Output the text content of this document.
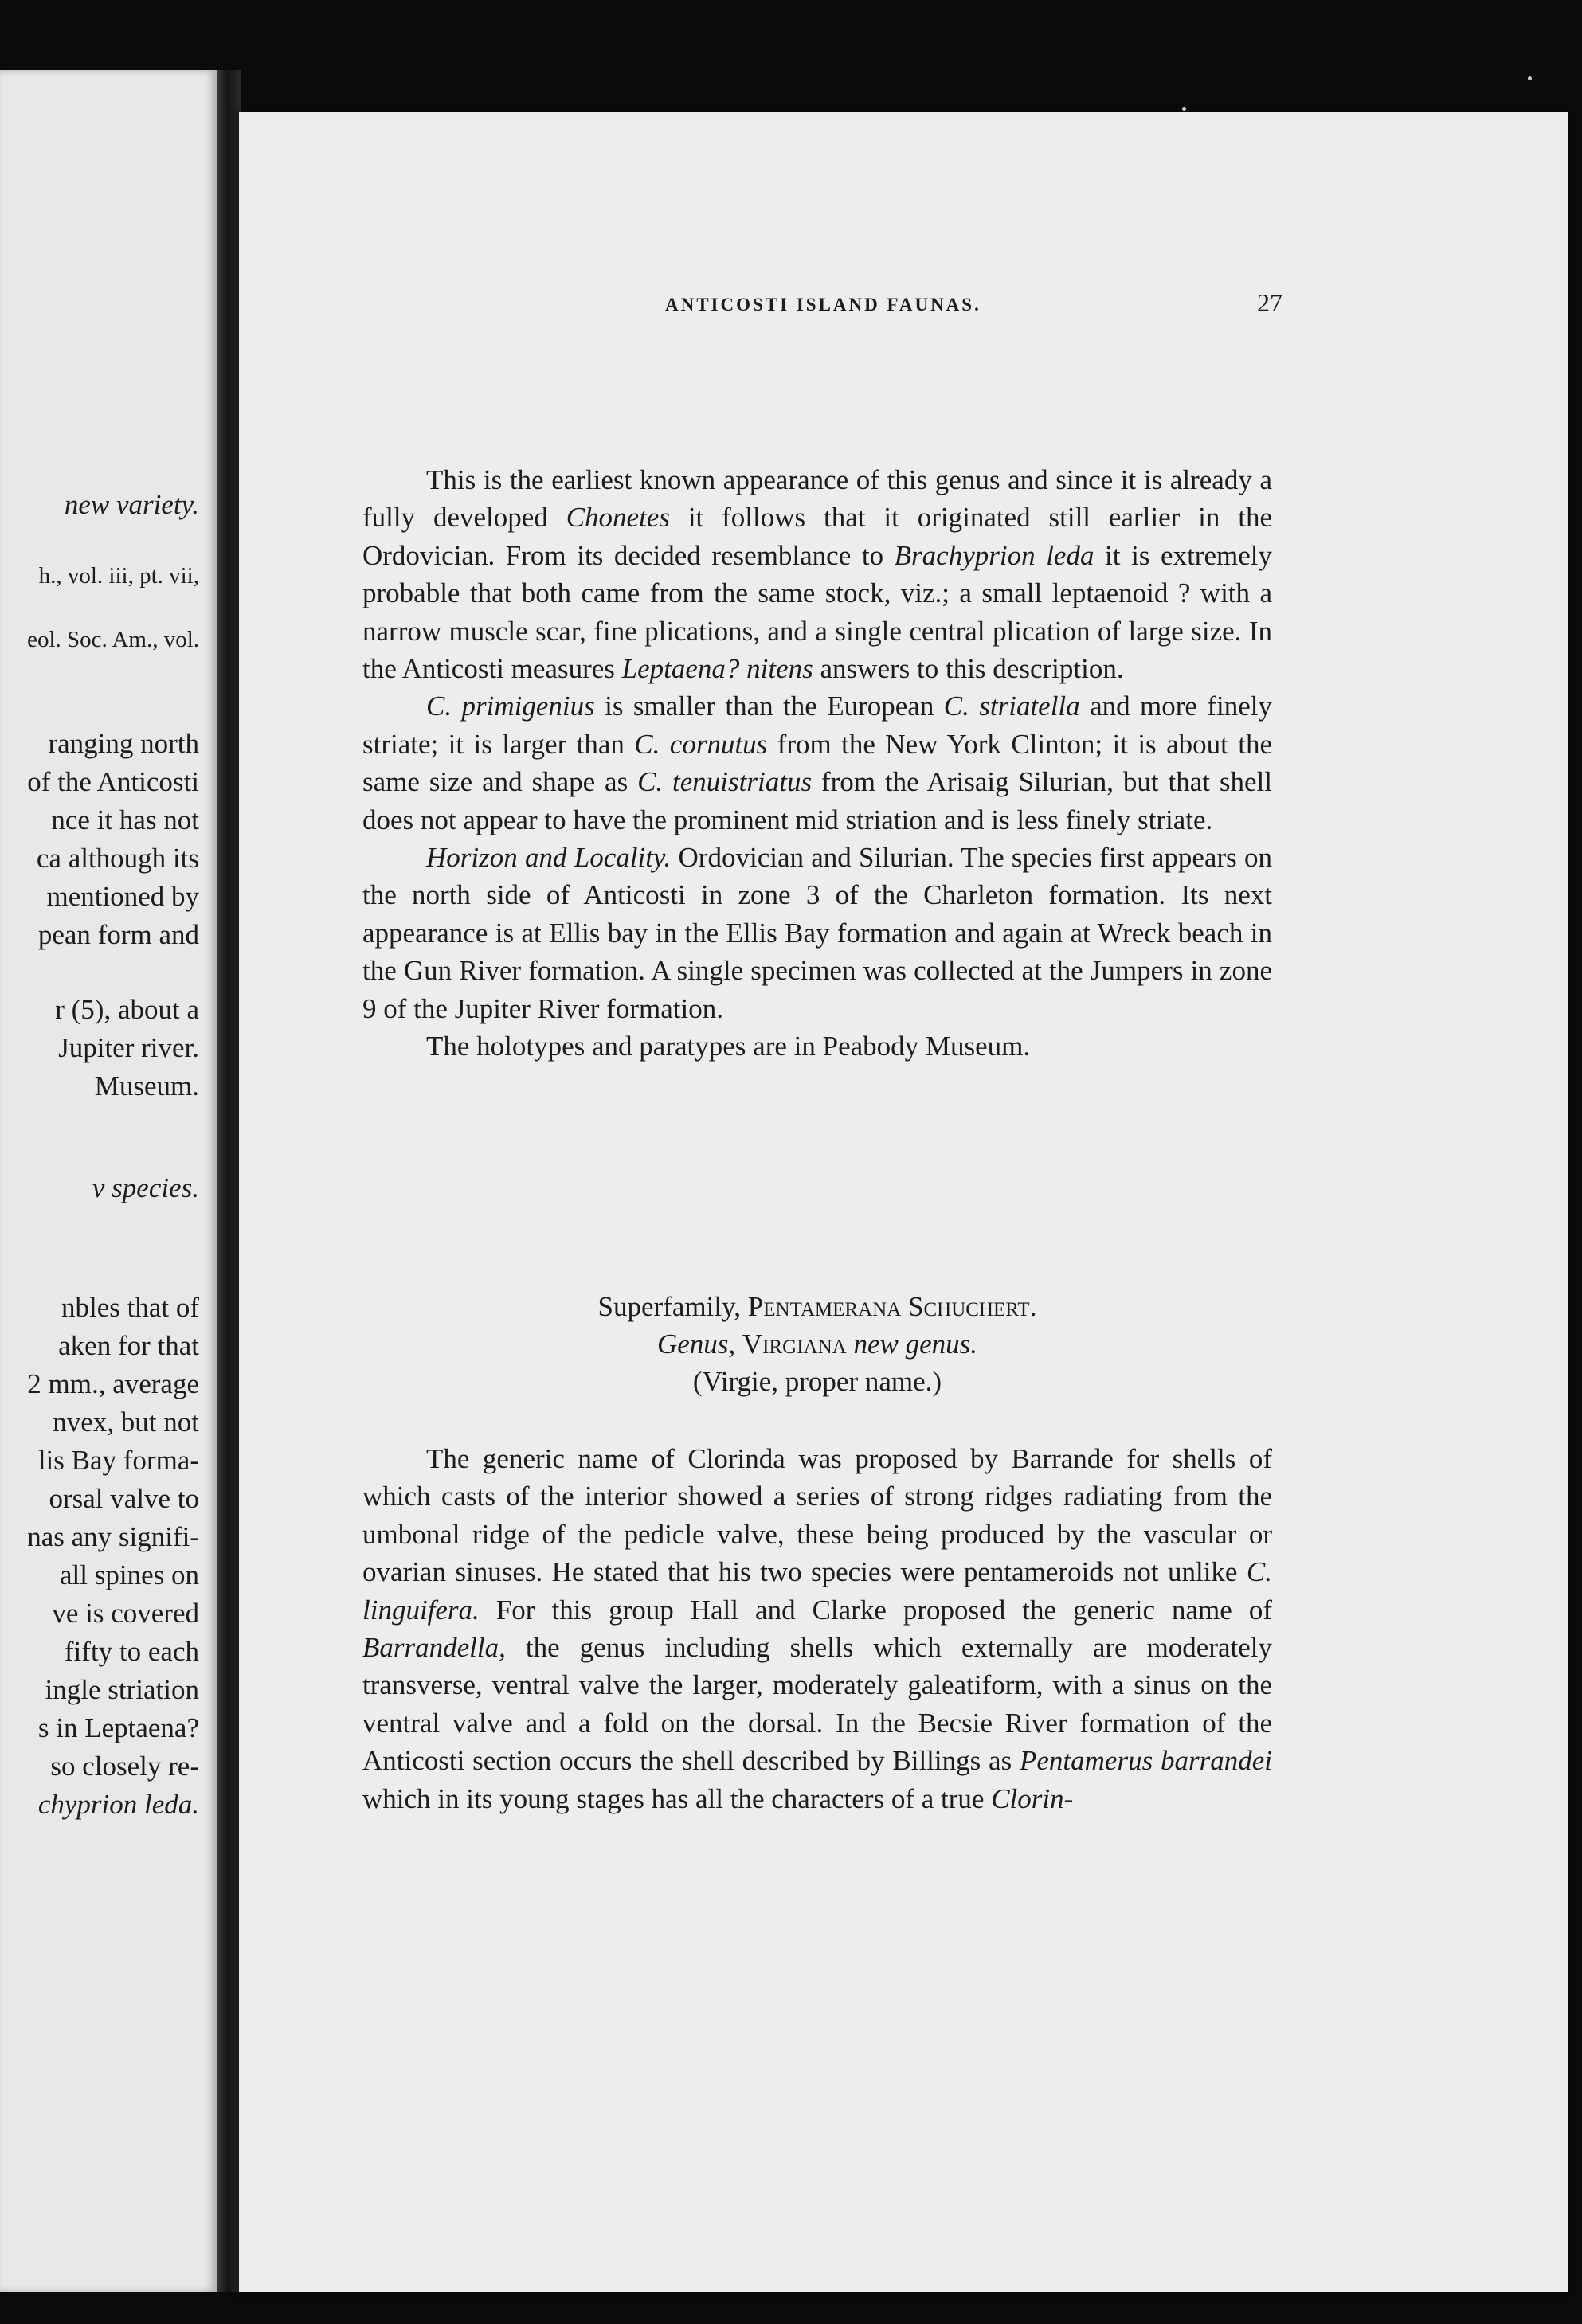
new variety.
h., vol. iii, pt. vii,
eol. Soc. Am., vol.
ranging north
of the Anticosti
nce it has not
ca although its
mentioned by
pean form and
r (5), about a
Jupiter river.
Museum.
v species.
nbles that of
aken for that
2 mm., average
nvex, but not
lis Bay forma-
orsal valve to
nas any signifi-
all spines on
ve is covered
fifty to each
ingle striation
s in Leptaena?
so closely re-
chyprion leda.
ANTICOSTI ISLAND FAUNAS.	27

This is the earliest known appearance of this genus and since it is already a fully developed Chonetes it follows that it originated still earlier in the Ordovician. From its decided resemblance to Brachyprion leda it is extremely probable that both came from the same stock, viz.; a small leptaenoid ? with a narrow muscle scar, fine plications, and a single central plication of large size. In the Anticosti measures Leptaena? nitens answers to this description.

C. primigenius is smaller than the European C. striatella and more finely striate; it is larger than C. cornutus from the New York Clinton; it is about the same size and shape as C. tenuistriatus from the Arisaig Silurian, but that shell does not appear to have the prominent mid striation and is less finely striate.

Horizon and Locality. Ordovician and Silurian. The species first appears on the north side of Anticosti in zone 3 of the Charleton formation. Its next appearance is at Ellis bay in the Ellis Bay formation and again at Wreck beach in the Gun River formation. A single specimen was collected at the Jumpers in zone 9 of the Jupiter River formation.

The holotypes and paratypes are in Peabody Museum.

Superfamily, Pentamerana Schuchert.
Genus, Virgiana new genus.
(Virgie, proper name.)

The generic name of Clorinda was proposed by Barrande for shells of which casts of the interior showed a series of strong ridges radiating from the umbonal ridge of the pedicle valve, these being produced by the vascular or ovarian sinuses. He stated that his two species were pentameroids not unlike C. linguifera. For this group Hall and Clarke proposed the generic name of Barrandella, the genus including shells which externally are moderately transverse, ventral valve the larger, moderately galeatiform, with a sinus on the ventral valve and a fold on the dorsal. In the Becsie River formation of the Anticosti section occurs the shell described by Billings as Pentamerus barrandei which in its young stages has all the characters of a true Clorin-
